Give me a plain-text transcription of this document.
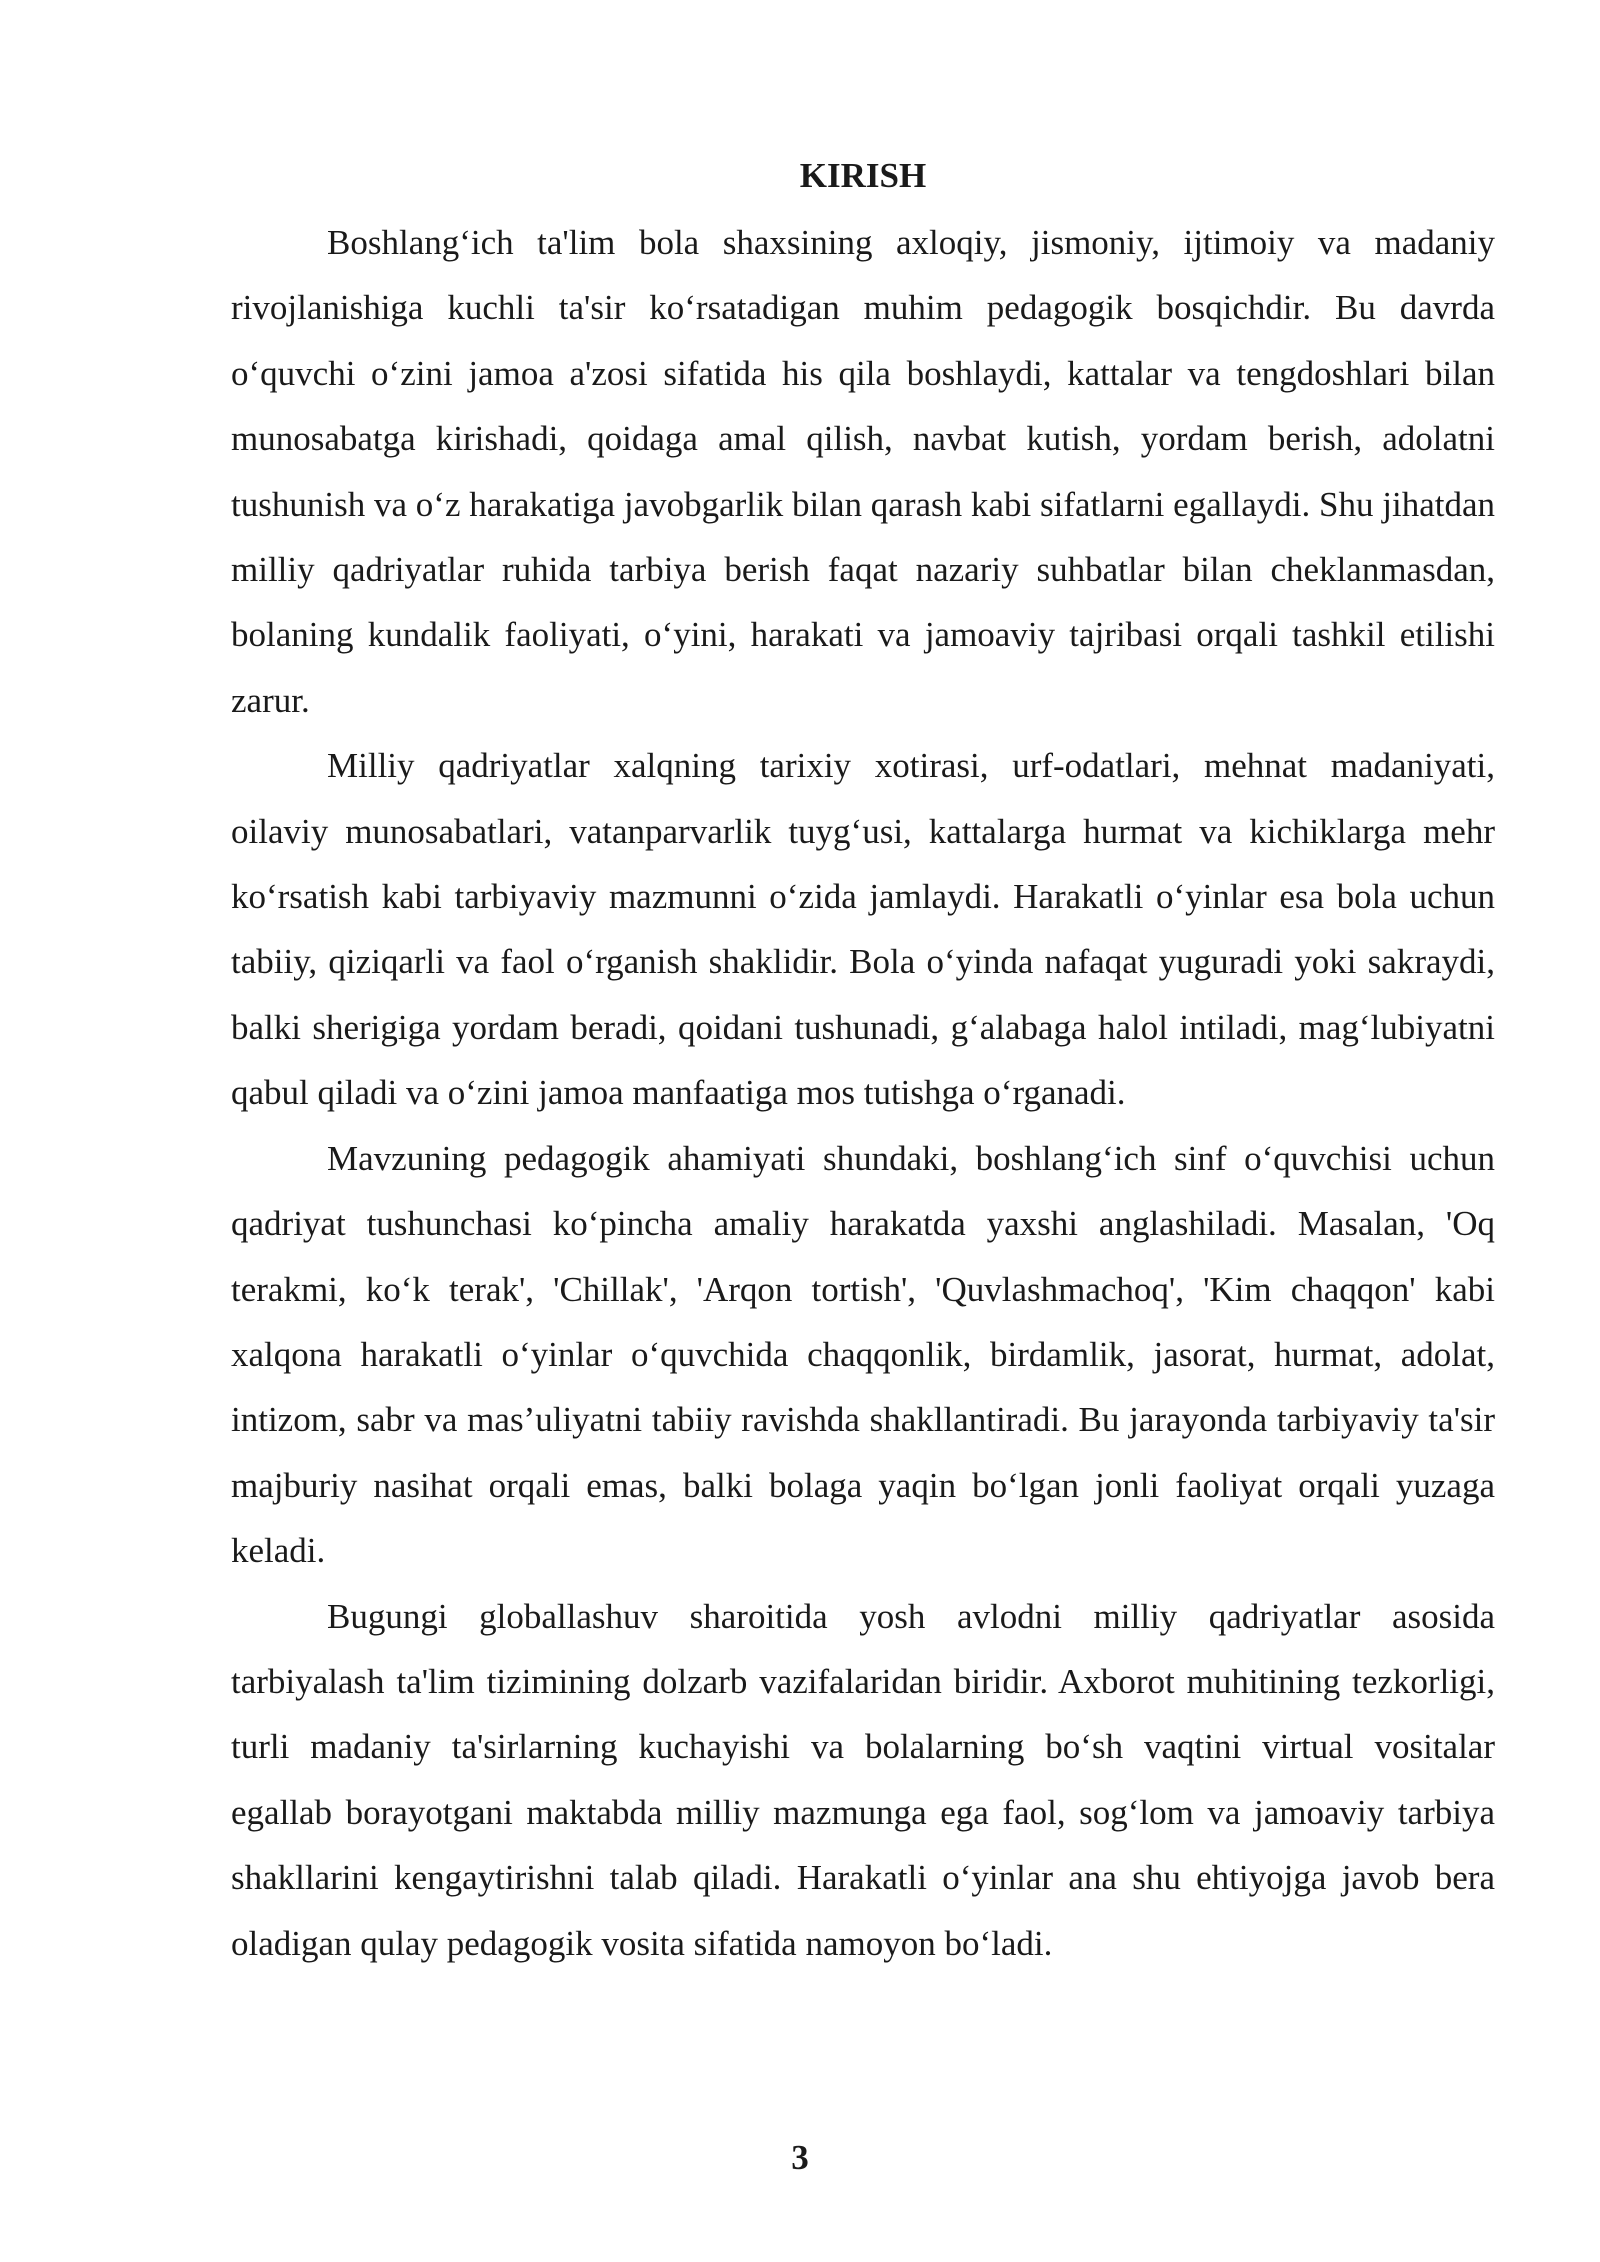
KIRISH

Boshlang‘ich ta'lim bola shaxsining axloqiy, jismoniy, ijtimoiy va madaniy rivojlanishiga kuchli ta'sir ko‘rsatadigan muhim pedagogik bosqichdir. Bu davrda o‘quvchi o‘zini jamoa a'zosi sifatida his qila boshlaydi, kattalar va tengdoshlari bilan munosabatga kirishadi, qoidaga amal qilish, navbat kutish, yordam berish, adolatni tushunish va o‘z harakatiga javobgarlik bilan qarash kabi sifatlarni egallaydi. Shu jihatdan milliy qadriyatlar ruhida tarbiya berish faqat nazariy suhbatlar bilan cheklanmasdan, bolaning kundalik faoliyati, o‘yini, harakati va jamoaviy tajribasi orqali tashkil etilishi zarur.

Milliy qadriyatlar xalqning tarixiy xotirasi, urf-odatlari, mehnat madaniyati, oilaviy munosabatlari, vatanparvarlik tuyg‘usi, kattalarga hurmat va kichiklarga mehr ko‘rsatish kabi tarbiyaviy mazmunni o‘zida jamlaydi. Harakatli o‘yinlar esa bola uchun tabiiy, qiziqarli va faol o‘rganish shaklidir. Bola o‘yinda nafaqat yuguradi yoki sakraydi, balki sherigiga yordam beradi, qoidani tushunadi, g‘alabaga halol intiladi, mag‘lubiyatni qabul qiladi va o‘zini jamoa manfaatiga mos tutishga o‘rganadi.

Mavzuning pedagogik ahamiyati shundaki, boshlang‘ich sinf o‘quvchisi uchun qadriyat tushunchasi ko‘pincha amaliy harakatda yaxshi anglashiladi. Masalan, 'Oq terakmi, ko‘k terak', 'Chillak', 'Arqon tortish', 'Quvlashmachoq', 'Kim chaqqon' kabi xalqona harakatli o‘yinlar o‘quvchida chaqqonlik, birdamlik, jasorat, hurmat, adolat, intizom, sabr va mas’uliyatni tabiiy ravishda shakllantiradi. Bu jarayonda tarbiyaviy ta'sir majburiy nasihat orqali emas, balki bolaga yaqin bo‘lgan jonli faoliyat orqali yuzaga keladi.

Bugungi globallashuv sharoitida yosh avlodni milliy qadriyatlar asosida tarbiyalash ta'lim tizimining dolzarb vazifalaridan biridir. Axborot muhitining tezkorligi, turli madaniy ta'sirlarning kuchayishi va bolalarning bo‘sh vaqtini virtual vositalar egallab borayotgani maktabda milliy mazmunga ega faol, sog‘lom va jamoaviy tarbiya shakllarini kengaytirishni talab qiladi. Harakatli o‘yinlar ana shu ehtiyojga javob bera oladigan qulay pedagogik vosita sifatida namoyon bo‘ladi.

3
